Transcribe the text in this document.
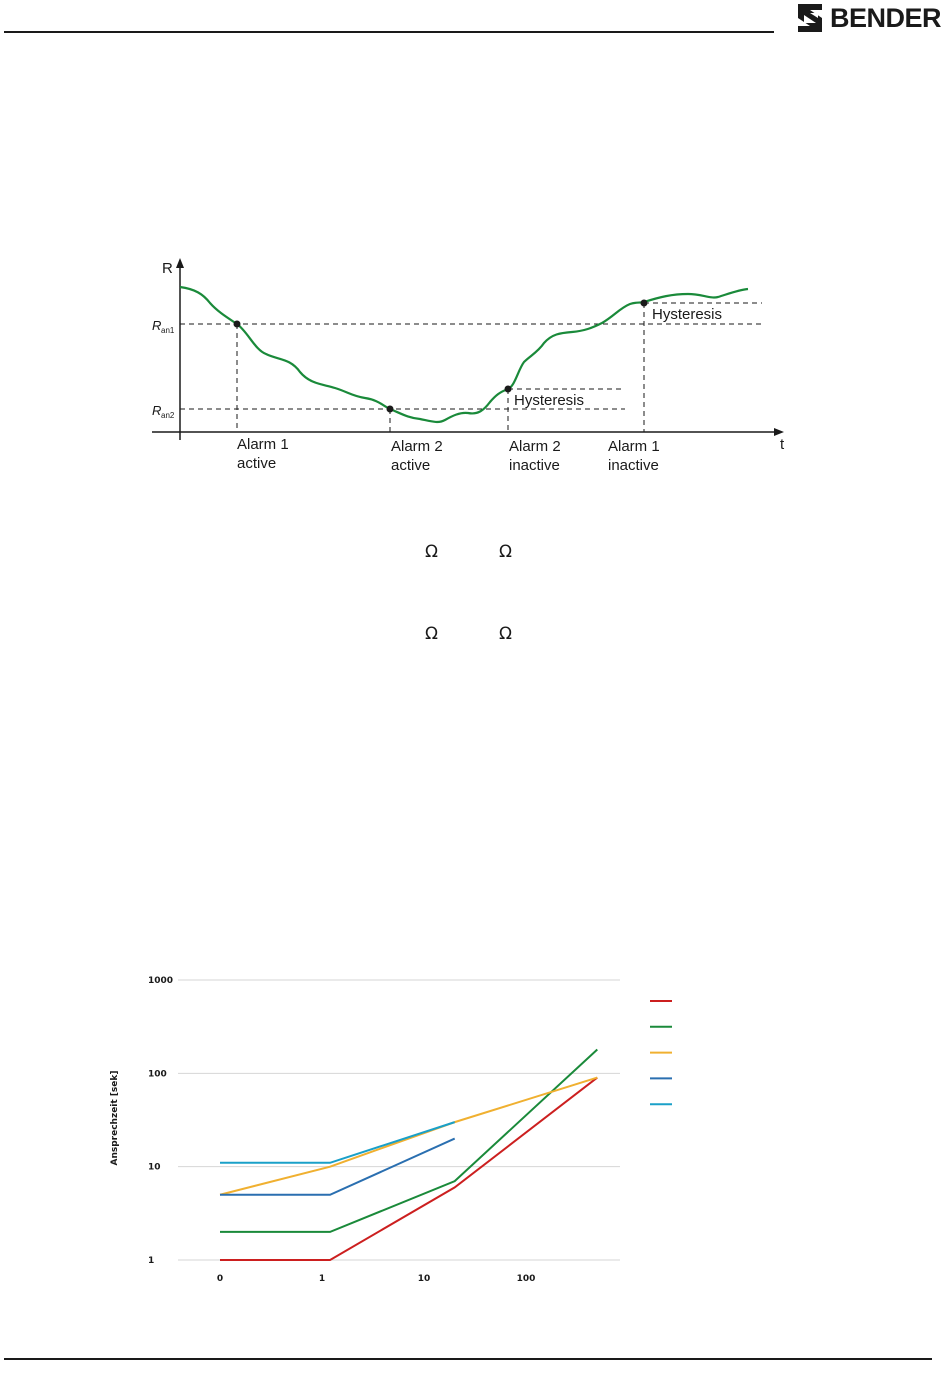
BENDER
R
t
R an1
R an2
Hysteresis
Hysteresis
Alarm 1
active
Alarm 2
active
Alarm 2
inactive
Alarm 1
inactive
Ω	Ω
Ω	Ω
1
10
100
1000
0	1	10	100
Ansprechzeit [sek]
